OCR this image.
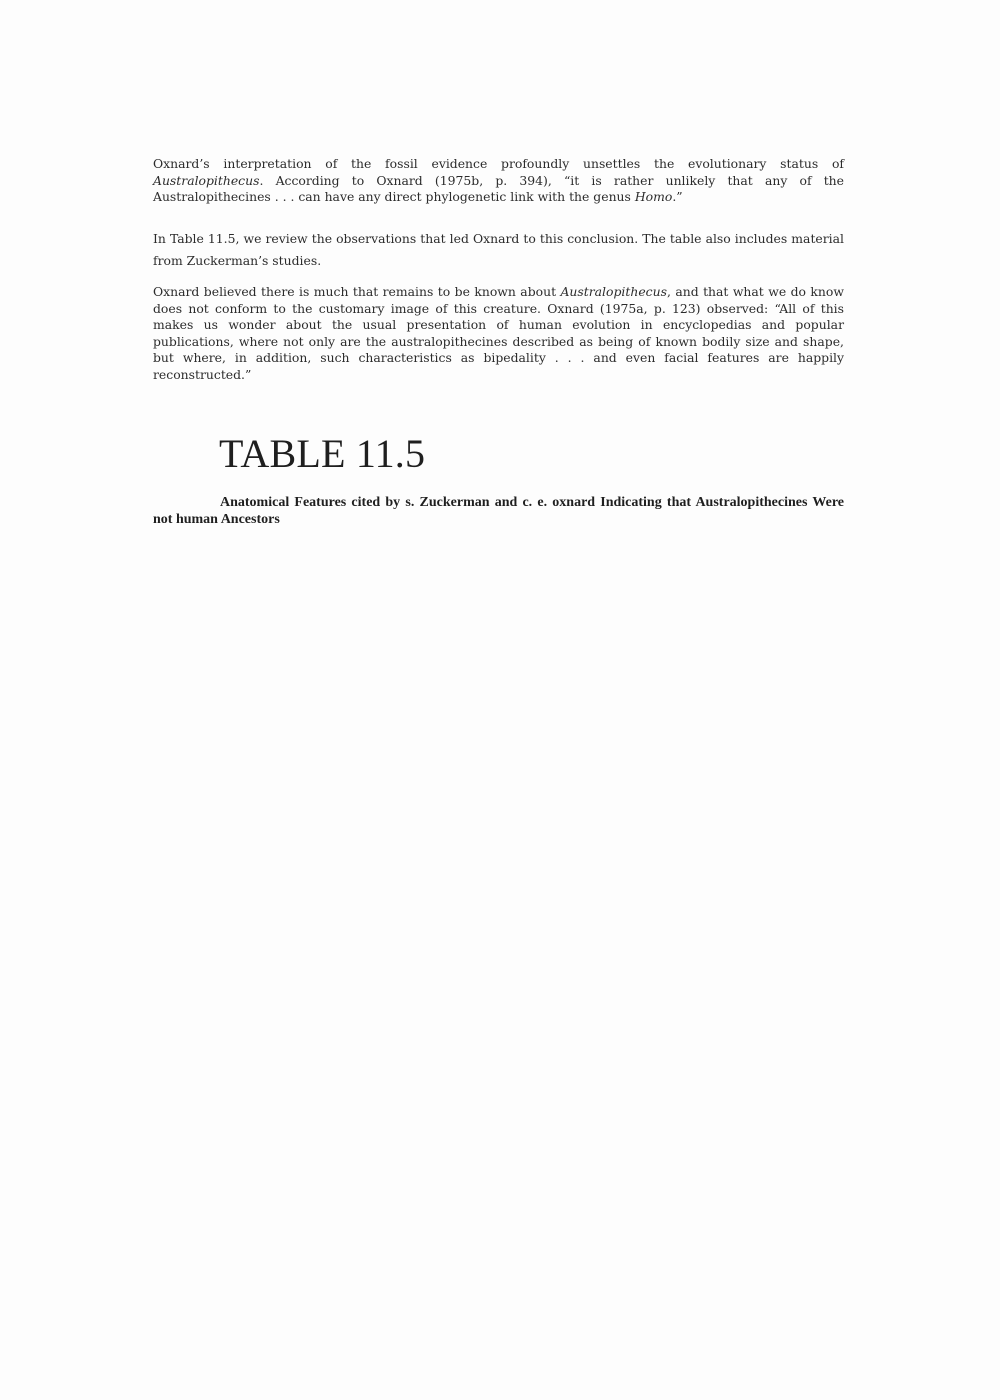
Oxnard’s interpretation of the fossil evidence profoundly unsettles the evolutionary status of Australopithecus. According to Oxnard (1975b, p. 394), “it is rather unlikely that any of the Australopithecines . . . can have any direct phylogenetic link with the genus Homo.”

In Table 11.5, we review the observations that led Oxnard to this conclusion. The table also includes material from Zuckerman’s studies.

Oxnard believed there is much that remains to be known about Australopithecus, and that what we do know does not conform to the customary image of this creature. Oxnard (1975a, p. 123) observed: “All of this makes us wonder about the usual presentation of human evolution in encyclopedias and popular publications, where not only are the australopithecines described as being of known bodily size and shape, but where, in addition, such characteristics as bipedality . . . and even facial features are happily reconstructed.”

TABLE 11.5

Anatomical Features cited by s. Zuckerman and c. e. oxnard Indicating that Australopithecines Were not human Ancestors
